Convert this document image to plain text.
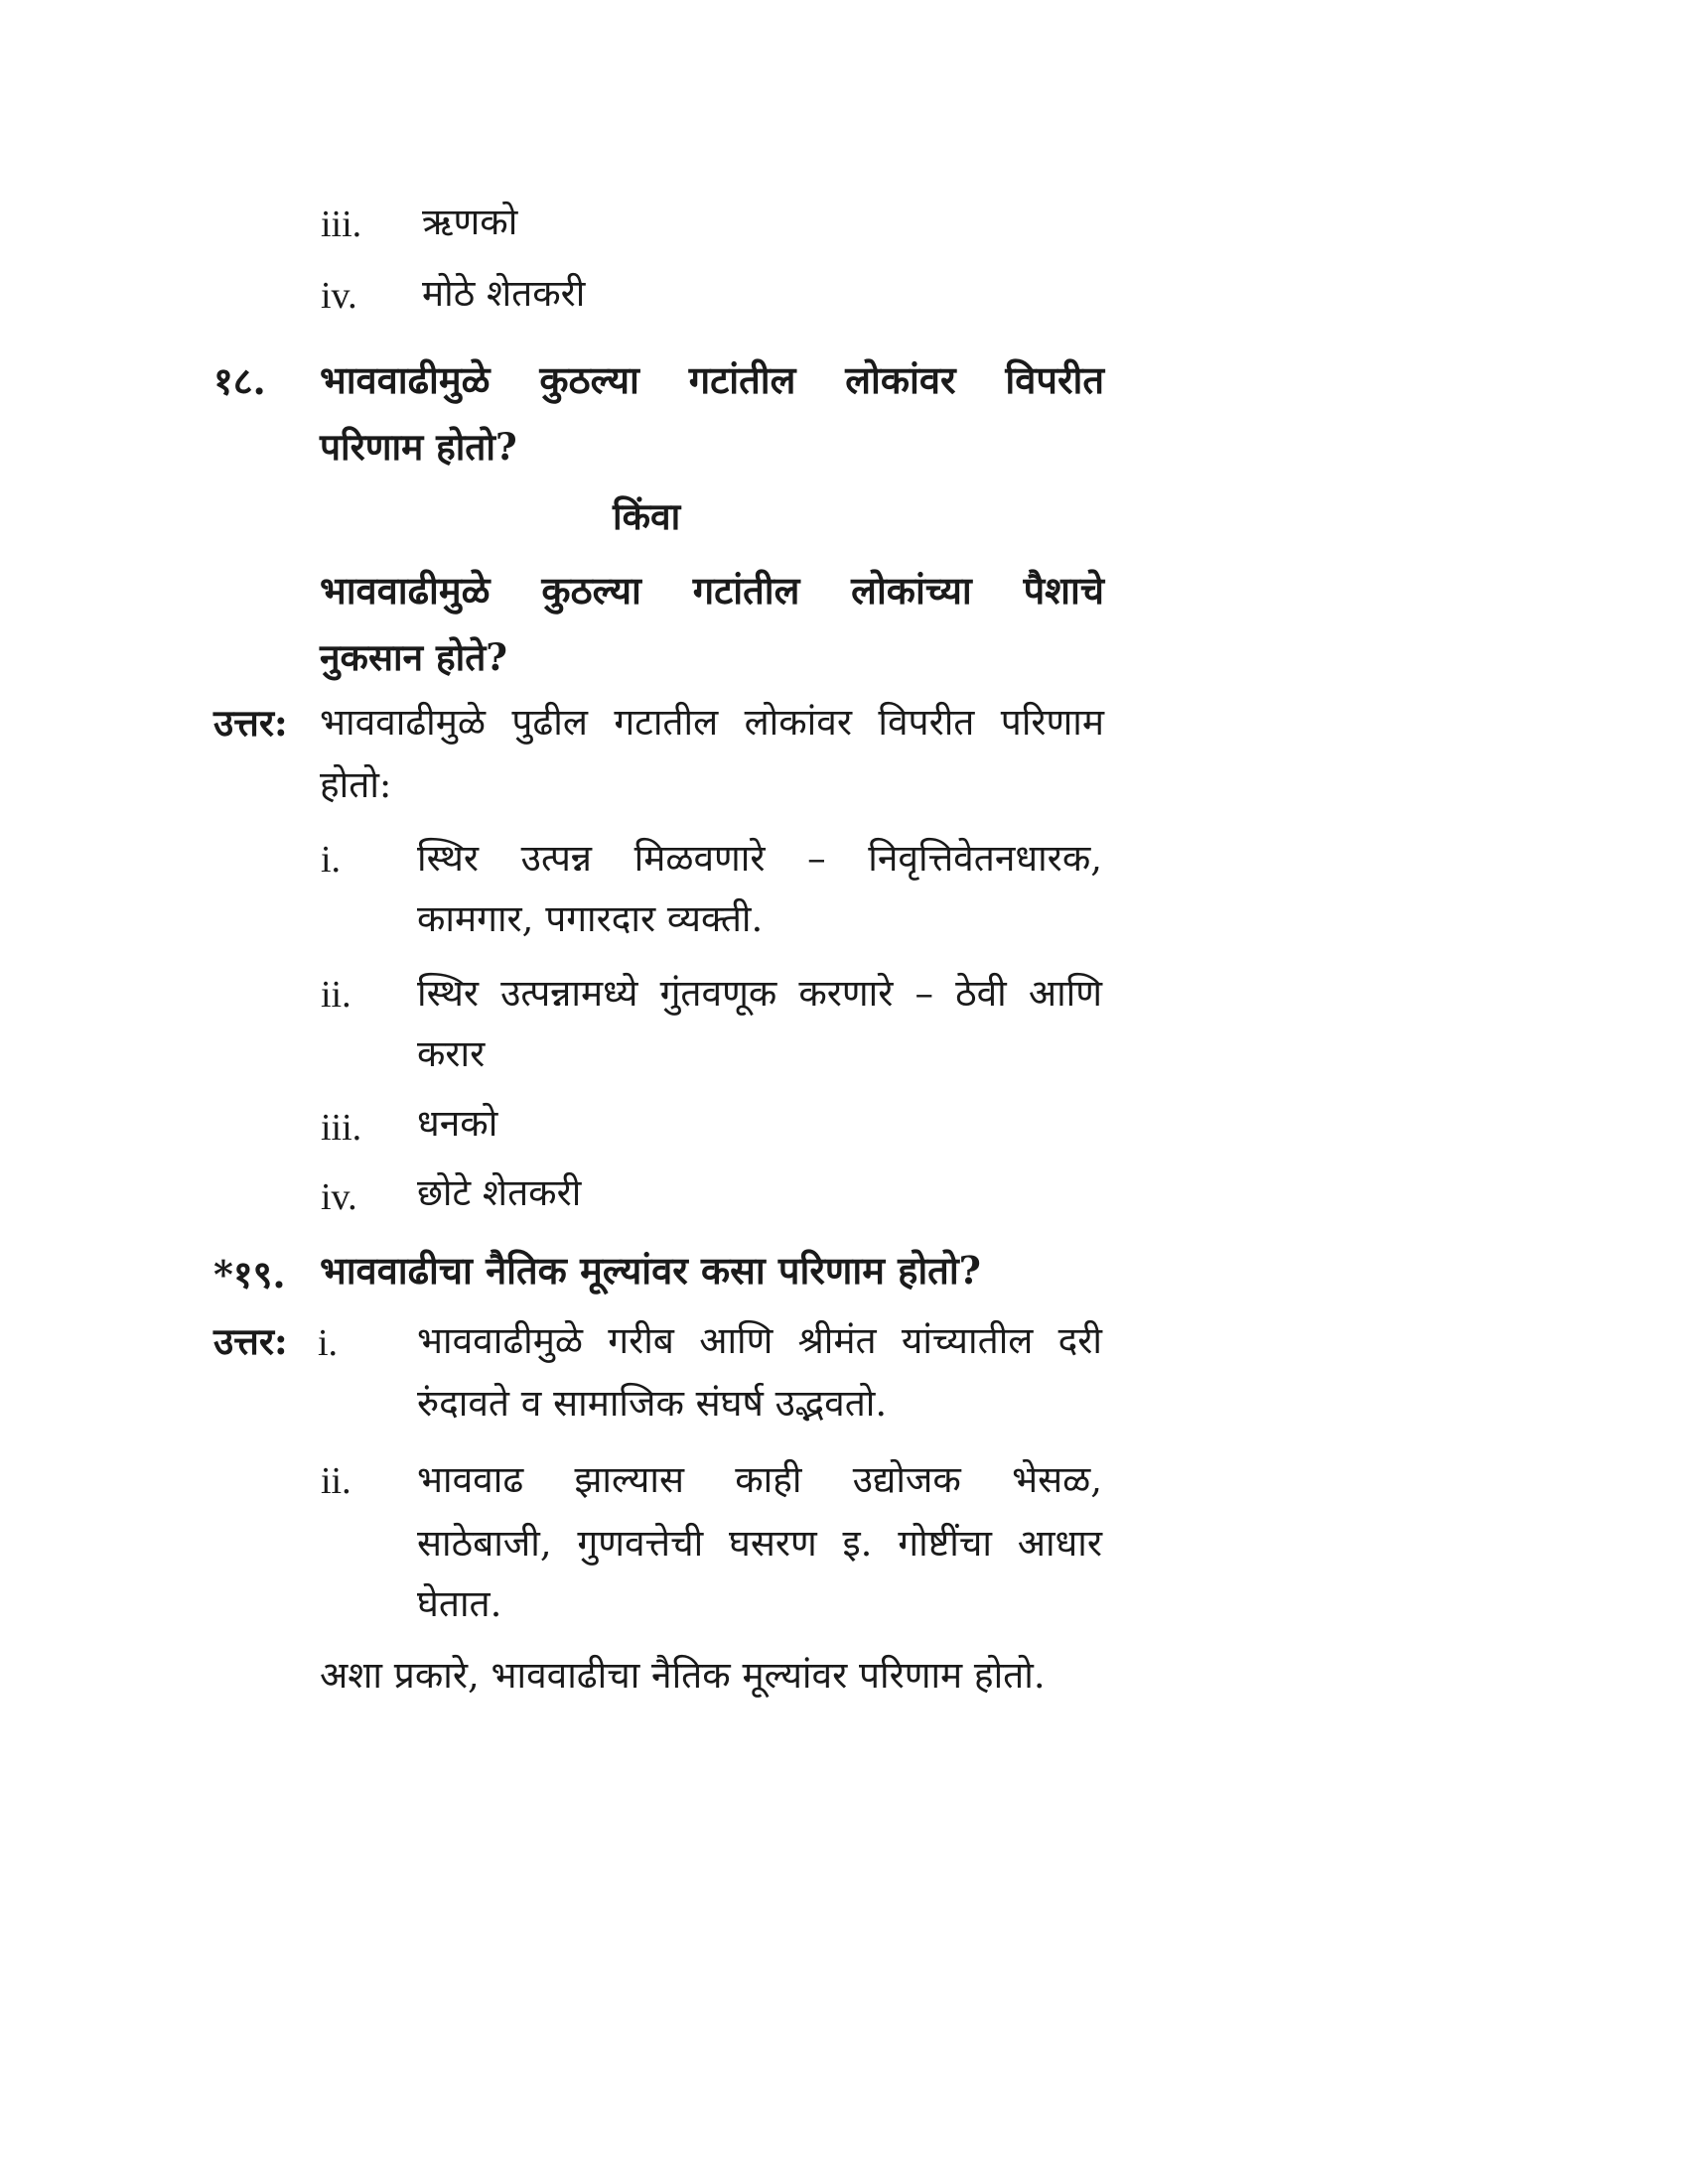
iii. ऋणको
iv. मोठे शेतकरी
१८. भाववाढीमुळे कुठल्या गटांतील लोकांवर विपरीत
परिणाम होतो?
किंवा
भाववाढीमुळे कुठल्या गटांतील लोकांच्या पैशाचे
नुकसान होते?
उत्तर: भाववाढीमुळे पुढील गटातील लोकांवर विपरीत परिणाम
होतो:
i. स्थिर उत्पन्न मिळवणारे – निवृत्तिवेतनधारक,
कामगार, पगारदार व्यक्ती.
ii. स्थिर उत्पन्नामध्ये गुंतवणूक करणारे – ठेवी आणि
करार
iii. धनको
iv. छोटे शेतकरी
*१९. भाववाढीचा नैतिक मूल्यांवर कसा परिणाम होतो?
उत्तर: i. भाववाढीमुळे गरीब आणि श्रीमंत यांच्यातील दरी
रुंदावते व सामाजिक संघर्ष उद्भवतो.
ii. भाववाढ झाल्यास काही उद्योजक भेसळ,
साठेबाजी, गुणवत्तेची घसरण इ. गोष्टींचा आधार
घेतात.
अशा प्रकारे, भाववाढीचा नैतिक मूल्यांवर परिणाम होतो.
